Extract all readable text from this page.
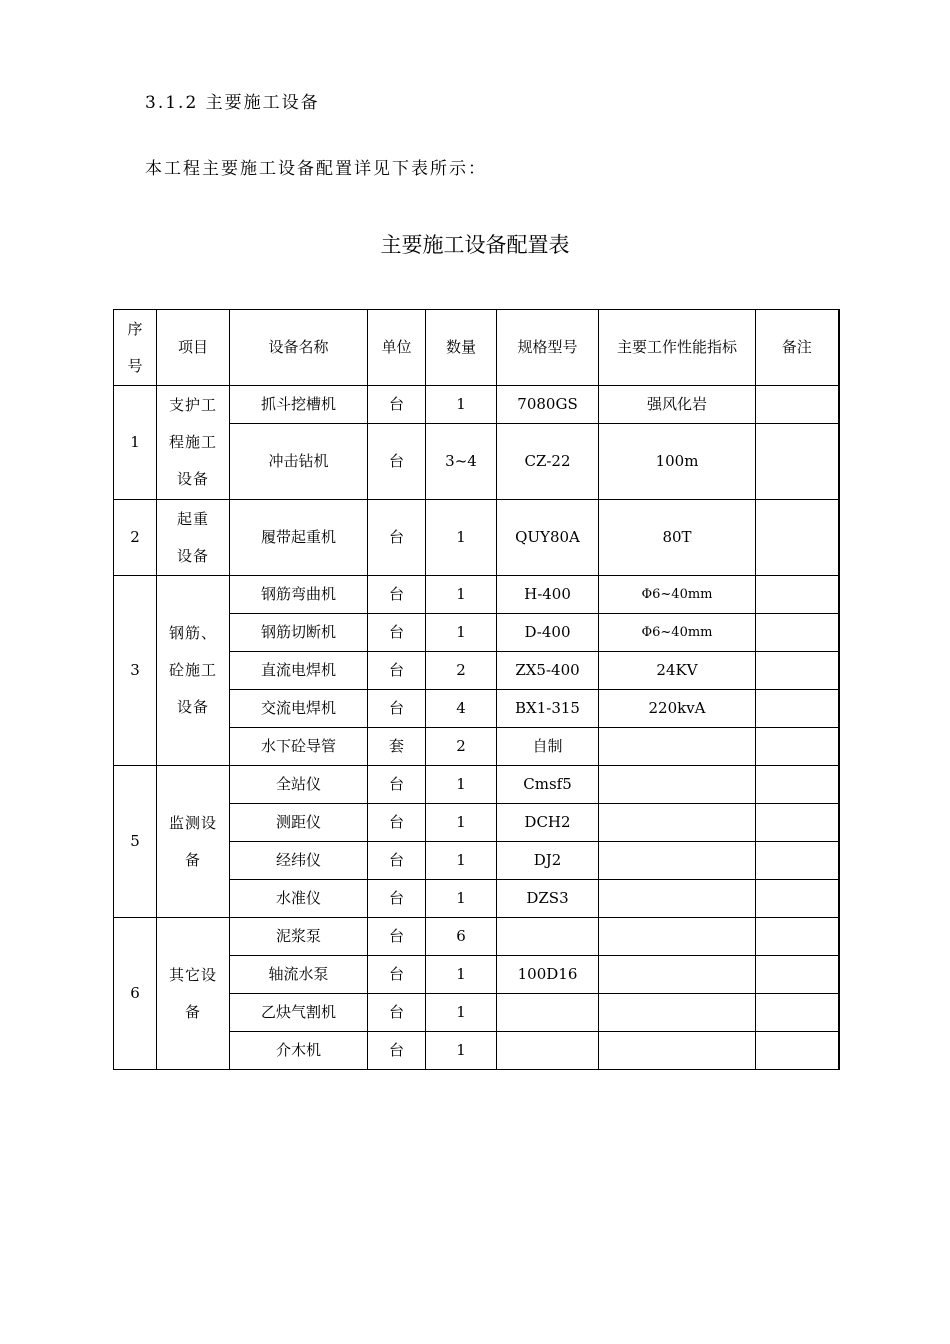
3.1.2 主要施工设备
本工程主要施工设备配置详见下表所示：
主要施工设备配置表
序号	项目	设备名称	单位	数量	规格型号	主要工作性能指标	备注
1	支护工程施工设备	抓斗挖槽机	台	1	7080GS	强风化岩	
		冲击钻机	台	3~4	CZ-22	100m	
2	起重设备	履带起重机	台	1	QUY80A	80T	
3	钢筋、砼施工设备	钢筋弯曲机	台	1	H-400	Φ6~40mm	
		钢筋切断机	台	1	D-400	Φ6~40mm	
		直流电焊机	台	2	ZX5-400	24KV	
		交流电焊机	台	4	BX1-315	220kvA	
		水下砼导管	套	2	自制		
5	监测设备	全站仪	台	1	Cmsf5		
		测距仪	台	1	DCH2		
		经纬仪	台	1	DJ2		
		水准仪	台	1	DZS3		
6	其它设备	泥浆泵	台	6			
		轴流水泵	台	1	100D16		
		乙炔气割机	台	1			
		介木机	台	1			
